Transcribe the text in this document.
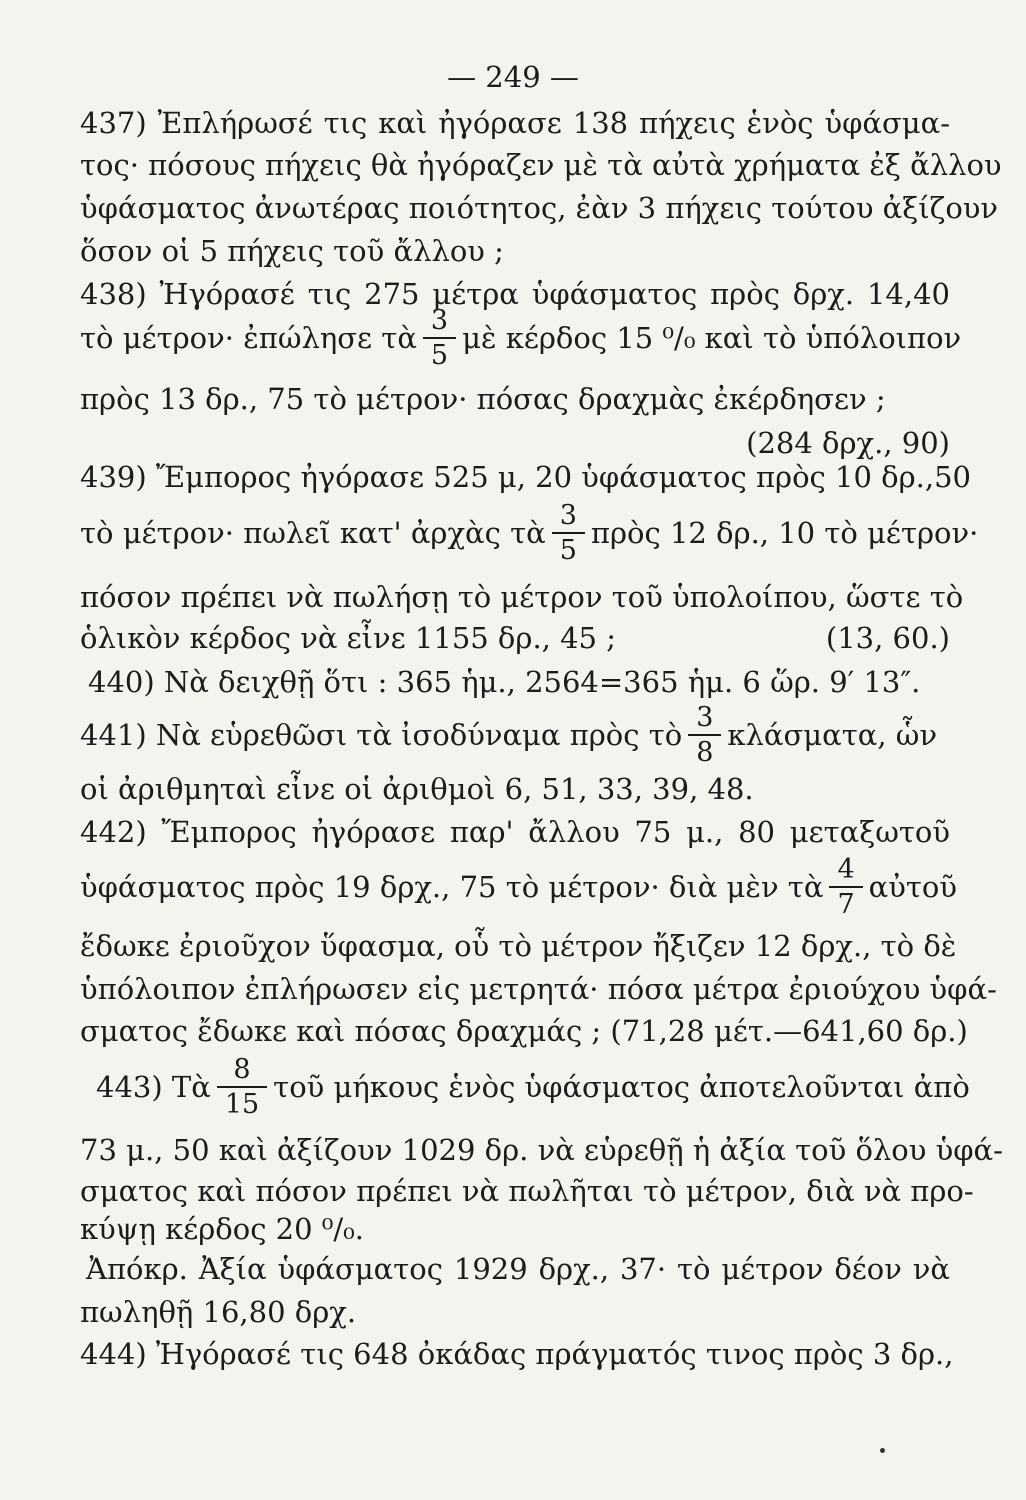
— 249 —
437) Ἐπλήρωσέ τις καὶ ἠγόρασε 138 πήχεις ἑνὸς ὑφάσμα-
τος· πόσους πήχεις θὰ ἠγόραζεν μὲ τὰ αὐτὰ χρήματα ἐξ ἄλλου
ὑφάσματος ἀνωτέρας ποιότητος, ἐὰν 3 πήχεις τούτου ἀξίζουν
ὅσον οἱ 5 πήχεις τοῦ ἄλλου ;
438) Ἠγόρασέ τις 275 μέτρα ὑφάσματος πρὸς δρχ. 14,40
τὸ μέτρον· ἐπώλησε τὰ $\frac{3}{5}$ μὲ κέρδος 15 ⁰/₀ καὶ τὸ ὑπόλοιπον
πρὸς 13 δρ., 75 τὸ μέτρον· πόσας δραχμὰς ἐκέρδησεν ;
(284 δρχ., 90)
439) Ἔμπορος ἠγόρασε 525 μ, 20 ὑφάσματος πρὸς 10 δρ.,50
τὸ μέτρον· πωλεῖ κατ' ἀρχὰς τὰ $\frac{3}{5}$ πρὸς 12 δρ., 10 τὸ μέτρον·
πόσον πρέπει νὰ πωλήσῃ τὸ μέτρον τοῦ ὑπολοίπου, ὥστε τὸ
ὁλικὸν κέρδος νὰ εἶνε 1155 δρ., 45 ;	(13, 60.)
440) Νὰ δειχθῇ ὅτι : 365 ἡμ., 2564=365 ἡμ. 6 ὥρ. 9′ 13″.
441) Νὰ εὑρεθῶσι τὰ ἰσοδύναμα πρὸς τὸ $\frac{3}{8} \kappa\lambda ά\sigma\mu\alpha\tau\alpha$, ὧν
οἱ ἀριθμηταὶ εἶνε οἱ ἀριθμοὶ 6, 51, 33, 39, 48.
442) Ἔμπορος ἠγόρασε παρ' ἄλλου 75 μ., 80 μεταξωτοῦ
ὑφάσματος πρὸς 19 δρχ., 75 τὸ μέτρον· διὰ μὲν τὰ $\frac{4}{7}$ αὐτοῦ
ἔδωκε ἐριοῦχον ὕφασμα, οὗ τὸ μέτρον ἤξιζεν 12 δρχ., τὸ δὲ
ὑπόλοιπον ἐπλήρωσεν εἰς μετρητά· πόσα μέτρα ἐριούχου ὑφά-
σματος ἔδωκε καὶ πόσας δραχμάς ; (71,28 μέτ.—641,60 δρ.)
443) Τὰ $\frac{8}{15}$ τοῦ μήκους ἑνὸς ὑφάσματος ἀποτελοῦνται ἀπὸ
73 μ., 50 καὶ ἀξίζουν 1029 δρ. νὰ εὑρεθῇ ἡ ἀξία τοῦ ὅλου ὑφά-
σματος καὶ πόσον πρέπει νὰ πωλῆται τὸ μέτρον, διὰ νὰ προ-
κύψῃ κέρδος 20 ⁰/₀.
Ἀπόκρ. Ἀξία ὑφάσματος 1929 δρχ., 37· τὸ μέτρον δέον νὰ
πωληθῇ 16,80 δρχ.
444) Ἠγόρασέ τις 648 ὀκάδας πράγματός τινος πρὸς 3 δρ.,
